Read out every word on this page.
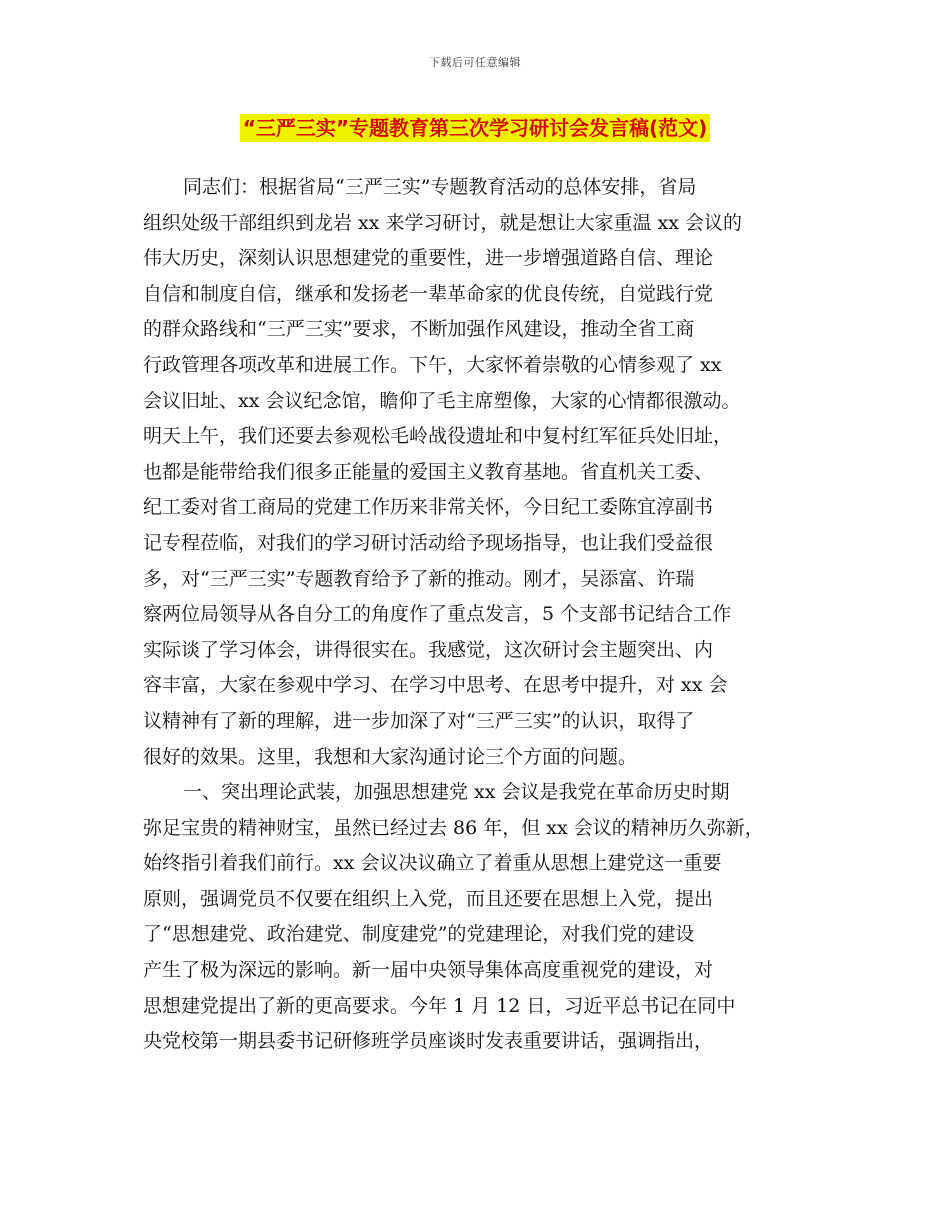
下载后可任意编辑
“三严三实”专题教育第三次学习研讨会发言稿(范文)
同志们：根据省局“三严三实”专题教育活动的总体安排，省局
组织处级干部组织到龙岩 xx 来学习研讨，就是想让大家重温 xx 会议的
伟大历史，深刻认识思想建党的重要性，进一步增强道路自信、理论
自信和制度自信，继承和发扬老一辈革命家的优良传统，自觉践行党
的群众路线和“三严三实”要求，不断加强作风建设，推动全省工商
行政管理各项改革和进展工作。下午，大家怀着崇敬的心情参观了 xx
会议旧址、xx 会议纪念馆，瞻仰了毛主席塑像，大家的心情都很激动。
明天上午，我们还要去参观松毛岭战役遗址和中复村红军征兵处旧址，
也都是能带给我们很多正能量的爱国主义教育基地。省直机关工委、
纪工委对省工商局的党建工作历来非常关怀，今日纪工委陈宜淳副书
记专程莅临，对我们的学习研讨活动给予现场指导，也让我们受益很
多，对“三严三实”专题教育给予了新的推动。刚才，吴添富、许瑞
察两位局领导从各自分工的角度作了重点发言，5 个支部书记结合工作
实际谈了学习体会，讲得很实在。我感觉，这次研讨会主题突出、内
容丰富，大家在参观中学习、在学习中思考、在思考中提升，对 xx 会
议精神有了新的理解，进一步加深了对“三严三实”的认识，取得了
很好的效果。这里，我想和大家沟通讨论三个方面的问题。
一、突出理论武装，加强思想建党 xx 会议是我党在革命历史时期
弥足宝贵的精神财宝，虽然已经过去 86 年，但 xx 会议的精神历久弥新，
始终指引着我们前行。xx 会议决议确立了着重从思想上建党这一重要
原则，强调党员不仅要在组织上入党，而且还要在思想上入党，提出
了“思想建党、政治建党、制度建党”的党建理论，对我们党的建设
产生了极为深远的影响。新一届中央领导集体高度重视党的建设，对
思想建党提出了新的更高要求。今年 1 月 12 日，习近平总书记在同中
央党校第一期县委书记研修班学员座谈时发表重要讲话，强调指出，
